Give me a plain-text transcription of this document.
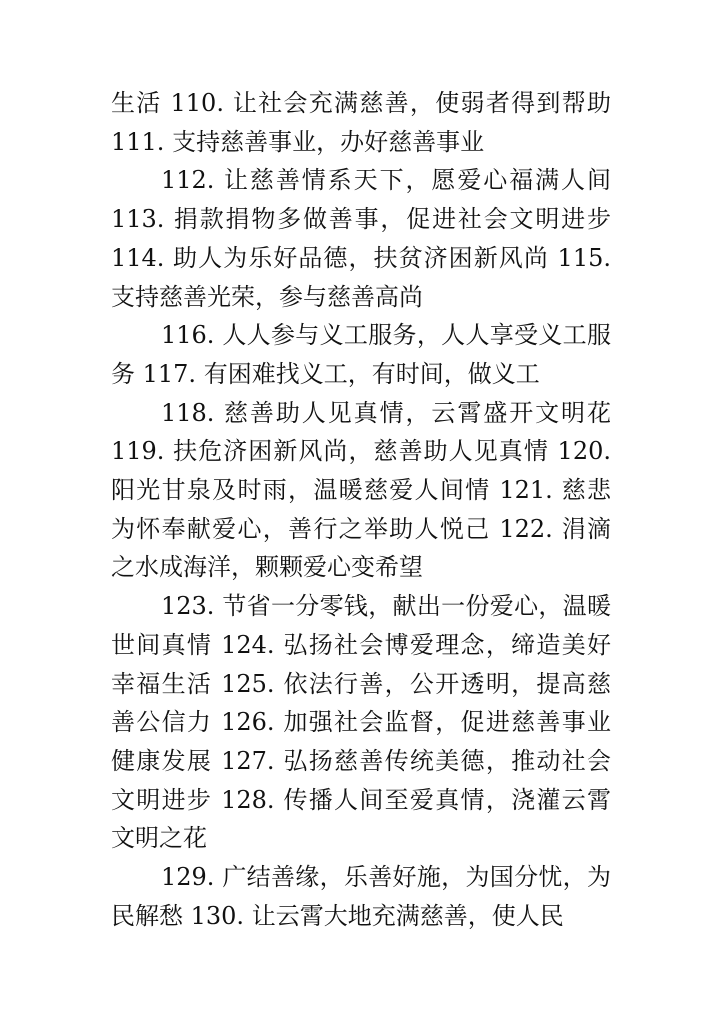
生活 110. 让社会充满慈善，使弱者得到帮助 111. 支持慈善事业，办好慈善事业

112. 让慈善情系天下，愿爱心福满人间 113. 捐款捐物多做善事，促进社会文明进步 114. 助人为乐好品德，扶贫济困新风尚 115. 支持慈善光荣，参与慈善高尚

116. 人人参与义工服务，人人享受义工服务 117. 有困难找义工，有时间，做义工

118. 慈善助人见真情，云霄盛开文明花 119. 扶危济困新风尚，慈善助人见真情 120. 阳光甘泉及时雨，温暖慈爱人间情 121. 慈悲为怀奉献爱心，善行之举助人悦己 122. 涓滴之水成海洋，颗颗爱心变希望

123. 节省一分零钱，献出一份爱心，温暖世间真情 124. 弘扬社会博爱理念，缔造美好幸福生活 125. 依法行善，公开透明，提高慈善公信力 126. 加强社会监督，促进慈善事业健康发展 127. 弘扬慈善传统美德，推动社会文明进步 128. 传播人间至爱真情，浇灌云霄文明之花

129. 广结善缘，乐善好施，为国分忧，为民解愁 130. 让云霄大地充满慈善，使人民
